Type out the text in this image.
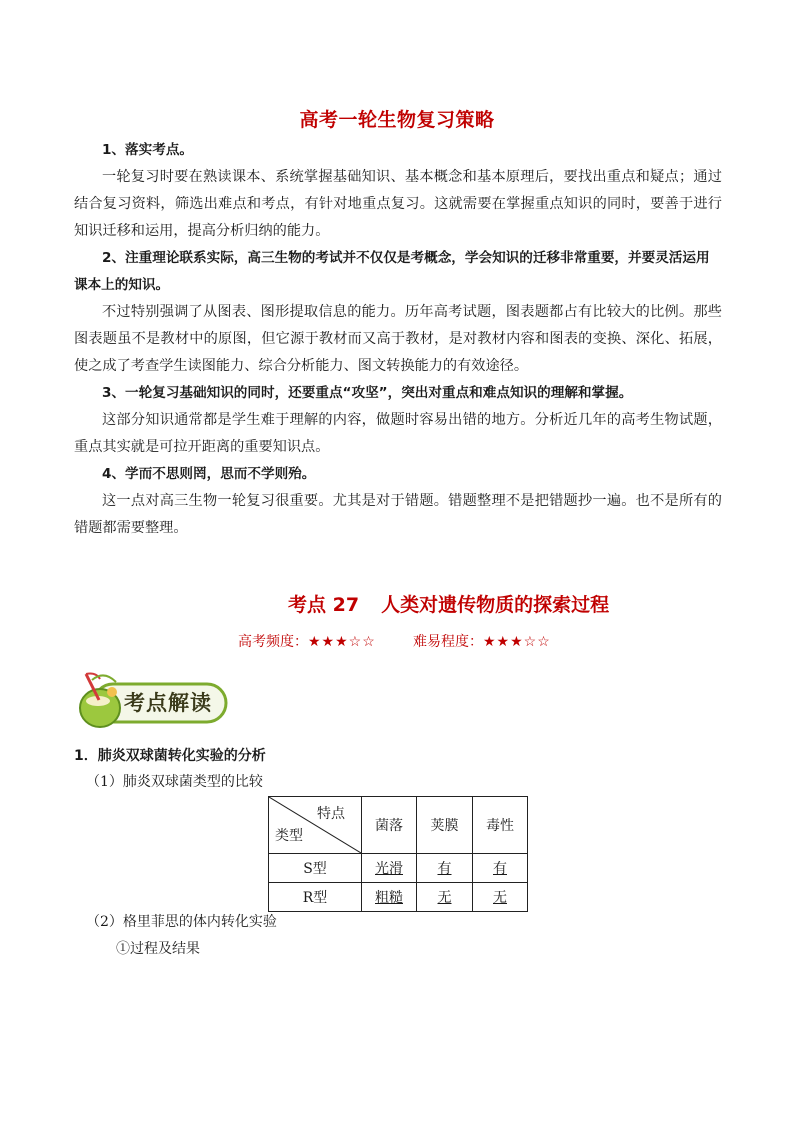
高考一轮生物复习策略

1、落实考点。

一轮复习时要在熟读课本、系统掌握基础知识、基本概念和基本原理后，要找出重点和疑点；通过结合复习资料，筛选出难点和考点，有针对地重点复习。这就需要在掌握重点知识的同时，要善于进行知识迁移和运用，提高分析归纳的能力。

2、注重理论联系实际，高三生物的考试并不仅仅是考概念，学会知识的迁移非常重要，并要灵活运用课本上的知识。

不过特别强调了从图表、图形提取信息的能力。历年高考试题，图表题都占有比较大的比例。那些图表题虽不是教材中的原图，但它源于教材而又高于教材，是对教材内容和图表的变换、深化、拓展，使之成了考查学生读图能力、综合分析能力、图文转换能力的有效途径。

3、一轮复习基础知识的同时，还要重点“攻坚”，突出对重点和难点知识的理解和掌握。

这部分知识通常都是学生难于理解的内容，做题时容易出错的地方。分析近几年的高考生物试题，重点其实就是可拉开距离的重要知识点。

4、学而不思则罔，思而不学则殆。

这一点对高三生物一轮复习很重要。尤其是对于错题。错题整理不是把错题抄一遍。也不是所有的错题都需要整理。

考点 27 人类对遗传物质的探索过程
高考频度：★★★☆☆	难易程度：★★★☆☆
考点解读

1．肺炎双球菌转化实验的分析

（1）肺炎双球菌类型的比较

特点
类型	菌落	荚膜	毒性
S型	光滑	有	有
R型	粗糙	无	无

（2）格里菲思的体内转化实验

①过程及结果
